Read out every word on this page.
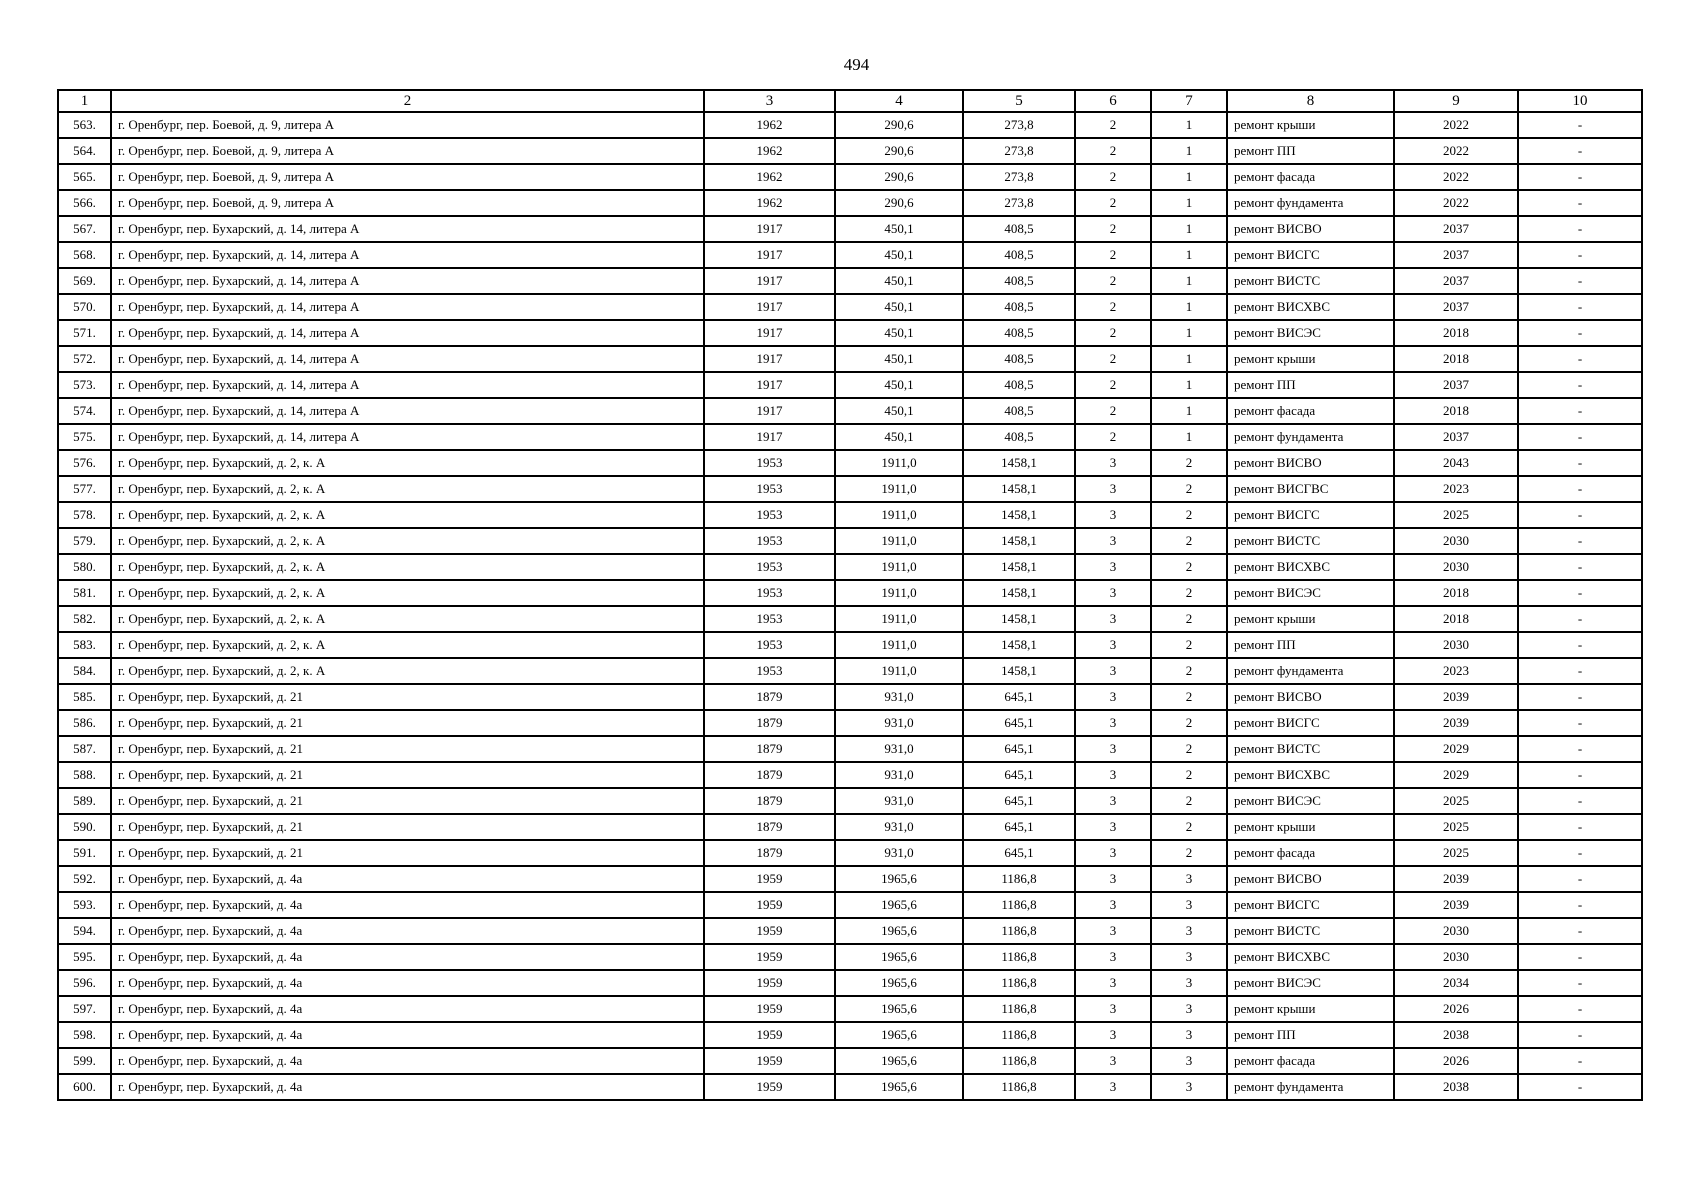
494
1	2	3	4	5	6	7	8	9	10
563.	г. Оренбург, пер. Боевой, д. 9, литера А	1962	290,6	273,8	2	1	ремонт крыши	2022	-
564.	г. Оренбург, пер. Боевой, д. 9, литера А	1962	290,6	273,8	2	1	ремонт ПП	2022	-
565.	г. Оренбург, пер. Боевой, д. 9, литера А	1962	290,6	273,8	2	1	ремонт фасада	2022	-
566.	г. Оренбург, пер. Боевой, д. 9, литера А	1962	290,6	273,8	2	1	ремонт фундамента	2022	-
567.	г. Оренбург, пер. Бухарский, д. 14, литера А	1917	450,1	408,5	2	1	ремонт ВИСВО	2037	-
568.	г. Оренбург, пер. Бухарский, д. 14, литера А	1917	450,1	408,5	2	1	ремонт ВИСГС	2037	-
569.	г. Оренбург, пер. Бухарский, д. 14, литера А	1917	450,1	408,5	2	1	ремонт ВИСТС	2037	-
570.	г. Оренбург, пер. Бухарский, д. 14, литера А	1917	450,1	408,5	2	1	ремонт ВИСХВС	2037	-
571.	г. Оренбург, пер. Бухарский, д. 14, литера А	1917	450,1	408,5	2	1	ремонт ВИСЭС	2018	-
572.	г. Оренбург, пер. Бухарский, д. 14, литера А	1917	450,1	408,5	2	1	ремонт крыши	2018	-
573.	г. Оренбург, пер. Бухарский, д. 14, литера А	1917	450,1	408,5	2	1	ремонт ПП	2037	-
574.	г. Оренбург, пер. Бухарский, д. 14, литера А	1917	450,1	408,5	2	1	ремонт фасада	2018	-
575.	г. Оренбург, пер. Бухарский, д. 14, литера А	1917	450,1	408,5	2	1	ремонт фундамента	2037	-
576.	г. Оренбург, пер. Бухарский, д. 2, к. А	1953	1911,0	1458,1	3	2	ремонт ВИСВО	2043	-
577.	г. Оренбург, пер. Бухарский, д. 2, к. А	1953	1911,0	1458,1	3	2	ремонт ВИСГВС	2023	-
578.	г. Оренбург, пер. Бухарский, д. 2, к. А	1953	1911,0	1458,1	3	2	ремонт ВИСГС	2025	-
579.	г. Оренбург, пер. Бухарский, д. 2, к. А	1953	1911,0	1458,1	3	2	ремонт ВИСТС	2030	-
580.	г. Оренбург, пер. Бухарский, д. 2, к. А	1953	1911,0	1458,1	3	2	ремонт ВИСХВС	2030	-
581.	г. Оренбург, пер. Бухарский, д. 2, к. А	1953	1911,0	1458,1	3	2	ремонт ВИСЭС	2018	-
582.	г. Оренбург, пер. Бухарский, д. 2, к. А	1953	1911,0	1458,1	3	2	ремонт крыши	2018	-
583.	г. Оренбург, пер. Бухарский, д. 2, к. А	1953	1911,0	1458,1	3	2	ремонт ПП	2030	-
584.	г. Оренбург, пер. Бухарский, д. 2, к. А	1953	1911,0	1458,1	3	2	ремонт фундамента	2023	-
585.	г. Оренбург, пер. Бухарский, д. 21	1879	931,0	645,1	3	2	ремонт ВИСВО	2039	-
586.	г. Оренбург, пер. Бухарский, д. 21	1879	931,0	645,1	3	2	ремонт ВИСГС	2039	-
587.	г. Оренбург, пер. Бухарский, д. 21	1879	931,0	645,1	3	2	ремонт ВИСТС	2029	-
588.	г. Оренбург, пер. Бухарский, д. 21	1879	931,0	645,1	3	2	ремонт ВИСХВС	2029	-
589.	г. Оренбург, пер. Бухарский, д. 21	1879	931,0	645,1	3	2	ремонт ВИСЭС	2025	-
590.	г. Оренбург, пер. Бухарский, д. 21	1879	931,0	645,1	3	2	ремонт крыши	2025	-
591.	г. Оренбург, пер. Бухарский, д. 21	1879	931,0	645,1	3	2	ремонт фасада	2025	-
592.	г. Оренбург, пер. Бухарский, д. 4а	1959	1965,6	1186,8	3	3	ремонт ВИСВО	2039	-
593.	г. Оренбург, пер. Бухарский, д. 4а	1959	1965,6	1186,8	3	3	ремонт ВИСГС	2039	-
594.	г. Оренбург, пер. Бухарский, д. 4а	1959	1965,6	1186,8	3	3	ремонт ВИСТС	2030	-
595.	г. Оренбург, пер. Бухарский, д. 4а	1959	1965,6	1186,8	3	3	ремонт ВИСХВС	2030	-
596.	г. Оренбург, пер. Бухарский, д. 4а	1959	1965,6	1186,8	3	3	ремонт ВИСЭС	2034	-
597.	г. Оренбург, пер. Бухарский, д. 4а	1959	1965,6	1186,8	3	3	ремонт крыши	2026	-
598.	г. Оренбург, пер. Бухарский, д. 4а	1959	1965,6	1186,8	3	3	ремонт ПП	2038	-
599.	г. Оренбург, пер. Бухарский, д. 4а	1959	1965,6	1186,8	3	3	ремонт фасада	2026	-
600.	г. Оренбург, пер. Бухарский, д. 4а	1959	1965,6	1186,8	3	3	ремонт фундамента	2038	-
